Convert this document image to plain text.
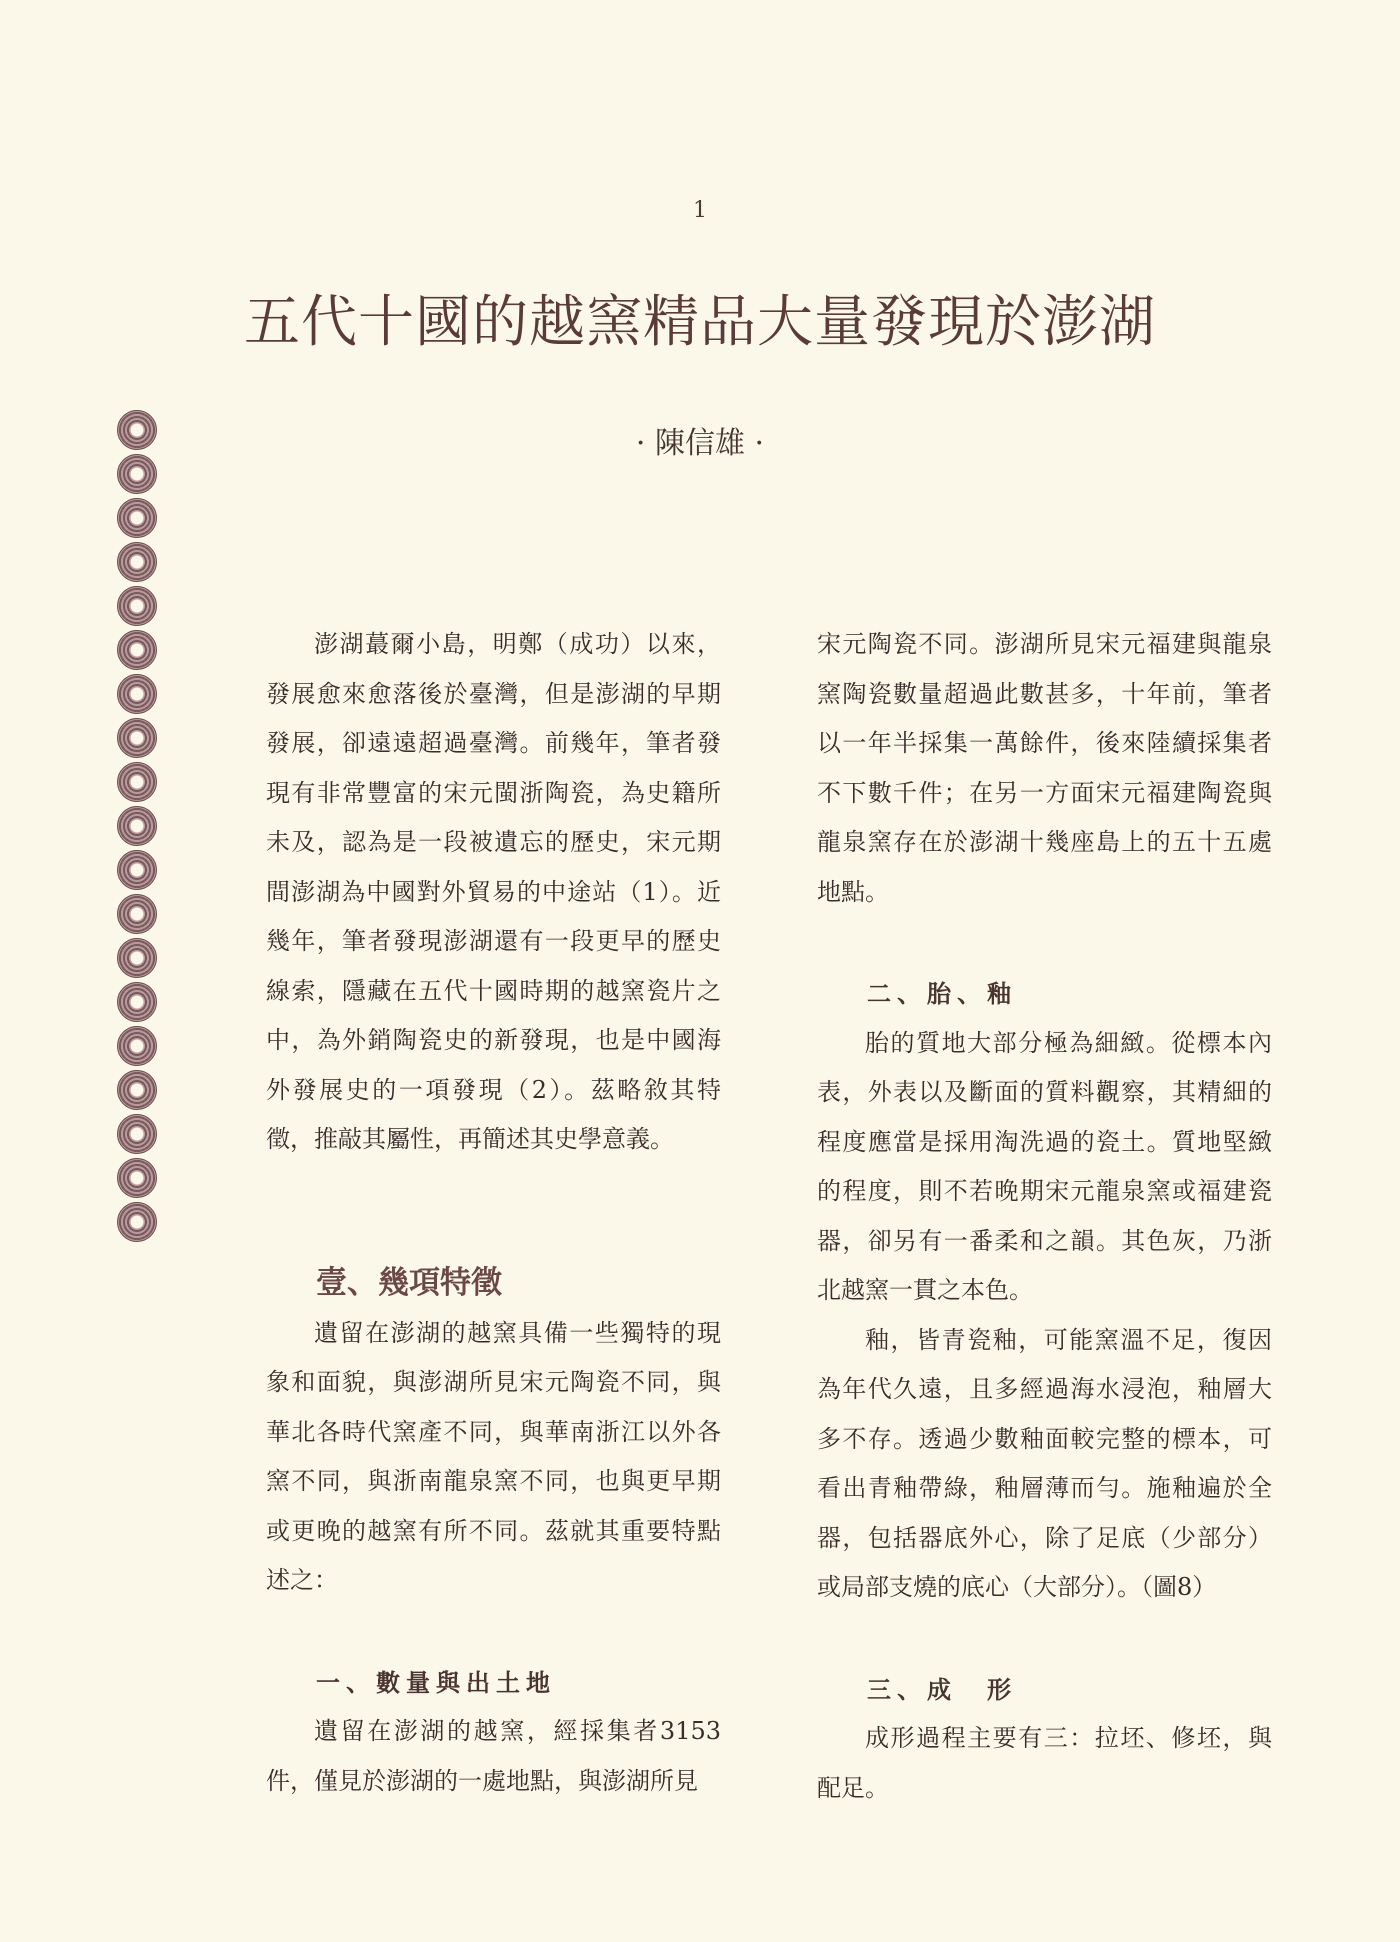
1
五代十國的越窯精品大量發現於澎湖
· 陳信雄 ·

澎湖蕞爾小島，明鄭（成功）以來，發展愈來愈落後於臺灣，但是澎湖的早期發展，卻遠遠超過臺灣。前幾年，筆者發現有非常豐富的宋元閩浙陶瓷，為史籍所未及，認為是一段被遺忘的歷史，宋元期間澎湖為中國對外貿易的中途站（1）。近幾年，筆者發現澎湖還有一段更早的歷史線索，隱藏在五代十國時期的越窯瓷片之中，為外銷陶瓷史的新發現，也是中國海外發展史的一項發現（2）。茲略敘其特徵，推敲其屬性，再簡述其史學意義。

壹、幾項特徵

遺留在澎湖的越窯具備一些獨特的現象和面貌，與澎湖所見宋元陶瓷不同，與華北各時代窯產不同，與華南浙江以外各窯不同，與浙南龍泉窯不同，也與更早期或更晚的越窯有所不同。茲就其重要特點述之：

一、數量與出土地

遺留在澎湖的越窯，經採集者3153件，僅見於澎湖的一處地點，與澎湖所見

宋元陶瓷不同。澎湖所見宋元福建與龍泉窯陶瓷數量超過此數甚多，十年前，筆者以一年半採集一萬餘件，後來陸續採集者不下數千件；在另一方面宋元福建陶瓷與龍泉窯存在於澎湖十幾座島上的五十五處地點。

二、胎、釉

胎的質地大部分極為細緻。從標本內表，外表以及斷面的質料觀察，其精細的程度應當是採用淘洗過的瓷土。質地堅緻的程度，則不若晚期宋元龍泉窯或福建瓷器，卻另有一番柔和之韻。其色灰，乃浙北越窯一貫之本色。

釉，皆青瓷釉，可能窯溫不足，復因為年代久遠，且多經過海水浸泡，釉層大多不存。透過少數釉面較完整的標本，可看出青釉帶綠，釉層薄而勻。施釉遍於全器，包括器底外心，除了足底（少部分）或局部支燒的底心（大部分）。（圖8）

三、成　形

成形過程主要有三：拉坯、修坯，與配足。
